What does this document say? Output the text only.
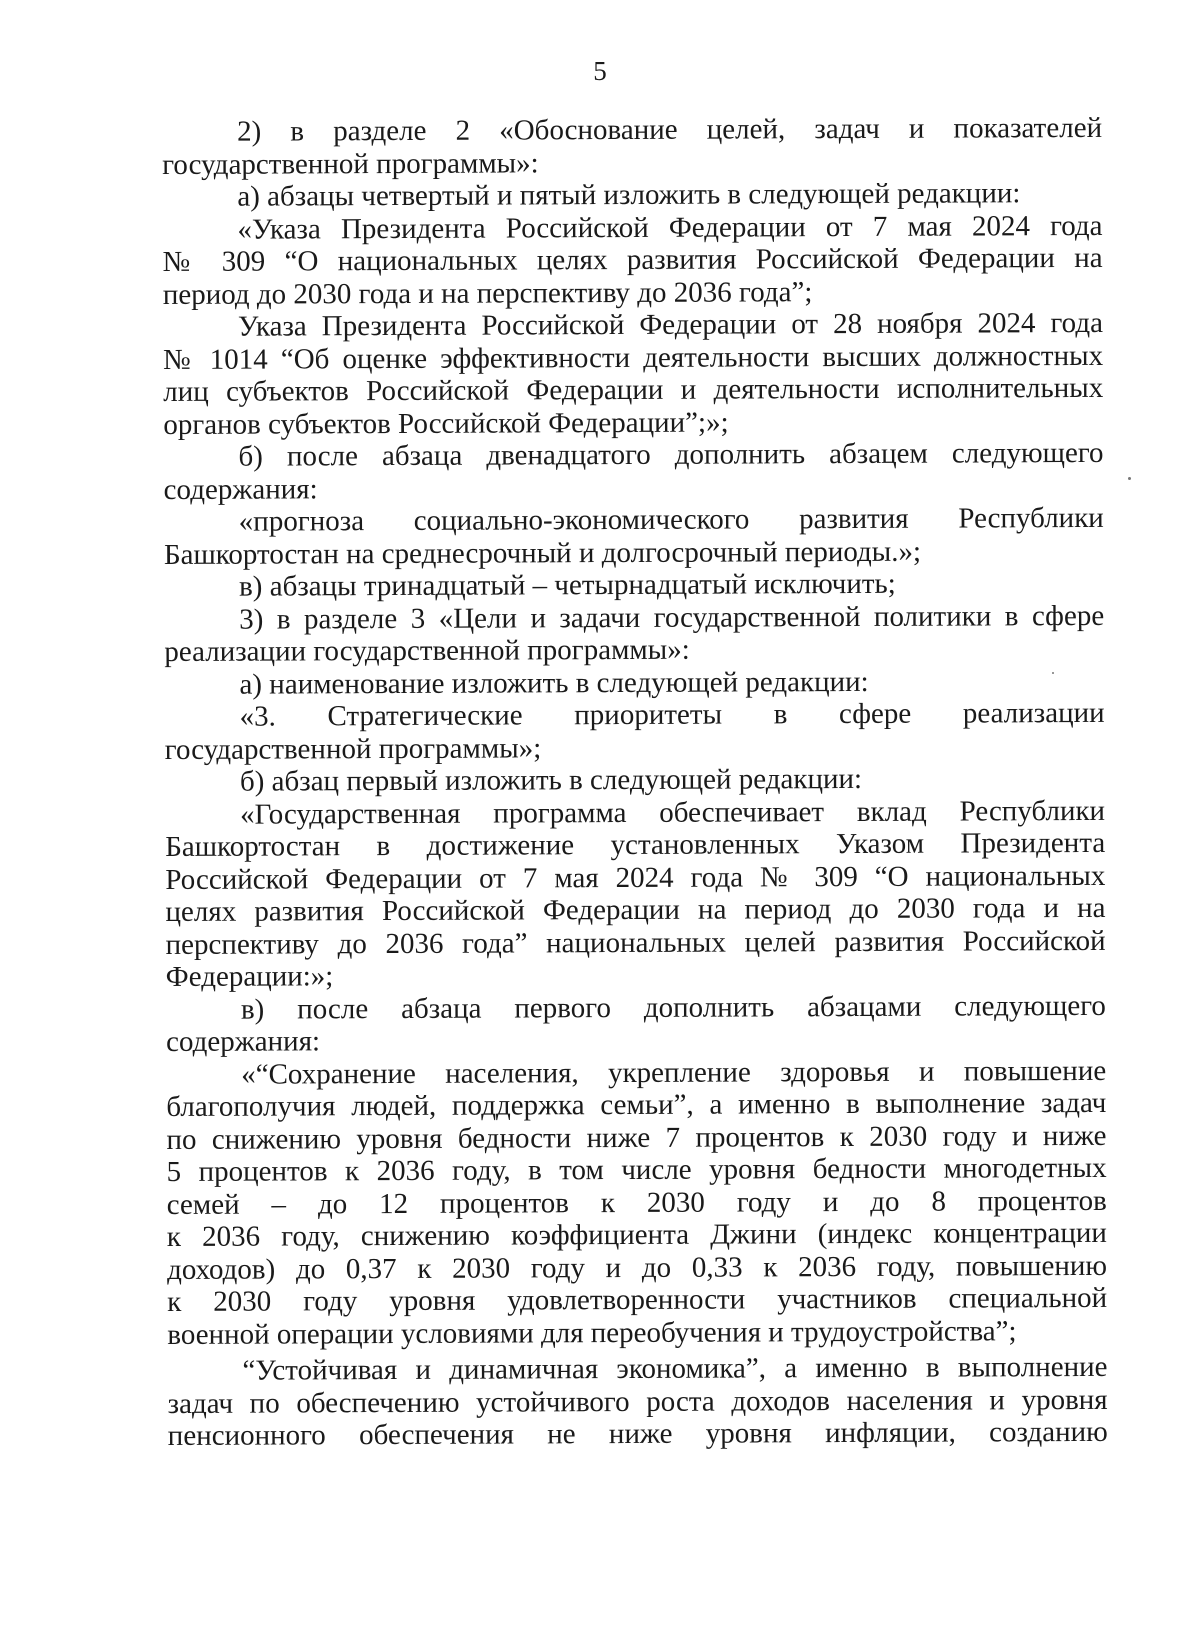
5
2) в разделе 2 «Обоснование целей, задач и показателей
государственной программы»:
а) абзацы четвертый и пятый изложить в следующей редакции:
«Указа Президента Российской Федерации от 7 мая 2024 года
№ 309 “О национальных целях развития Российской Федерации на
период до 2030 года и на перспективу до 2036 года”;
Указа Президента Российской Федерации от 28 ноября 2024 года
№ 1014 “Об оценке эффективности деятельности высших должностных
лиц субъектов Российской Федерации и деятельности исполнительных
органов субъектов Российской Федерации”;»;
б) после абзаца двенадцатого дополнить абзацем следующего
содержания:
«прогноза социально-экономического развития Республики
Башкортостан на среднесрочный и долгосрочный периоды.»;
в) абзацы тринадцатый – четырнадцатый исключить;
3) в разделе 3 «Цели и задачи государственной политики в сфере
реализации государственной программы»:
а) наименование изложить в следующей редакции:
«3. Стратегические приоритеты в сфере реализации
государственной программы»;
б) абзац первый изложить в следующей редакции:
«Государственная программа обеспечивает вклад Республики
Башкортостан в достижение установленных Указом Президента
Российской Федерации от 7 мая 2024 года № 309 “О национальных
целях развития Российской Федерации на период до 2030 года и на
перспективу до 2036 года” национальных целей развития Российской
Федерации:»;
в) после абзаца первого дополнить абзацами следующего
содержания:
«“Сохранение населения, укрепление здоровья и повышение
благополучия людей, поддержка семьи”, а именно в выполнение задач
по снижению уровня бедности ниже 7 процентов к 2030 году и ниже
5 процентов к 2036 году, в том числе уровня бедности многодетных
семей – до 12 процентов к 2030 году и до 8 процентов
к 2036 году, снижению коэффициента Джини (индекс концентрации
доходов) до 0,37 к 2030 году и до 0,33 к 2036 году, повышению
к 2030 году уровня удовлетворенности участников специальной
военной операции условиями для переобучения и трудоустройства”;
“Устойчивая и динамичная экономика”, а именно в выполнение
задач по обеспечению устойчивого роста доходов населения и уровня
пенсионного обеспечения не ниже уровня инфляции, созданию
